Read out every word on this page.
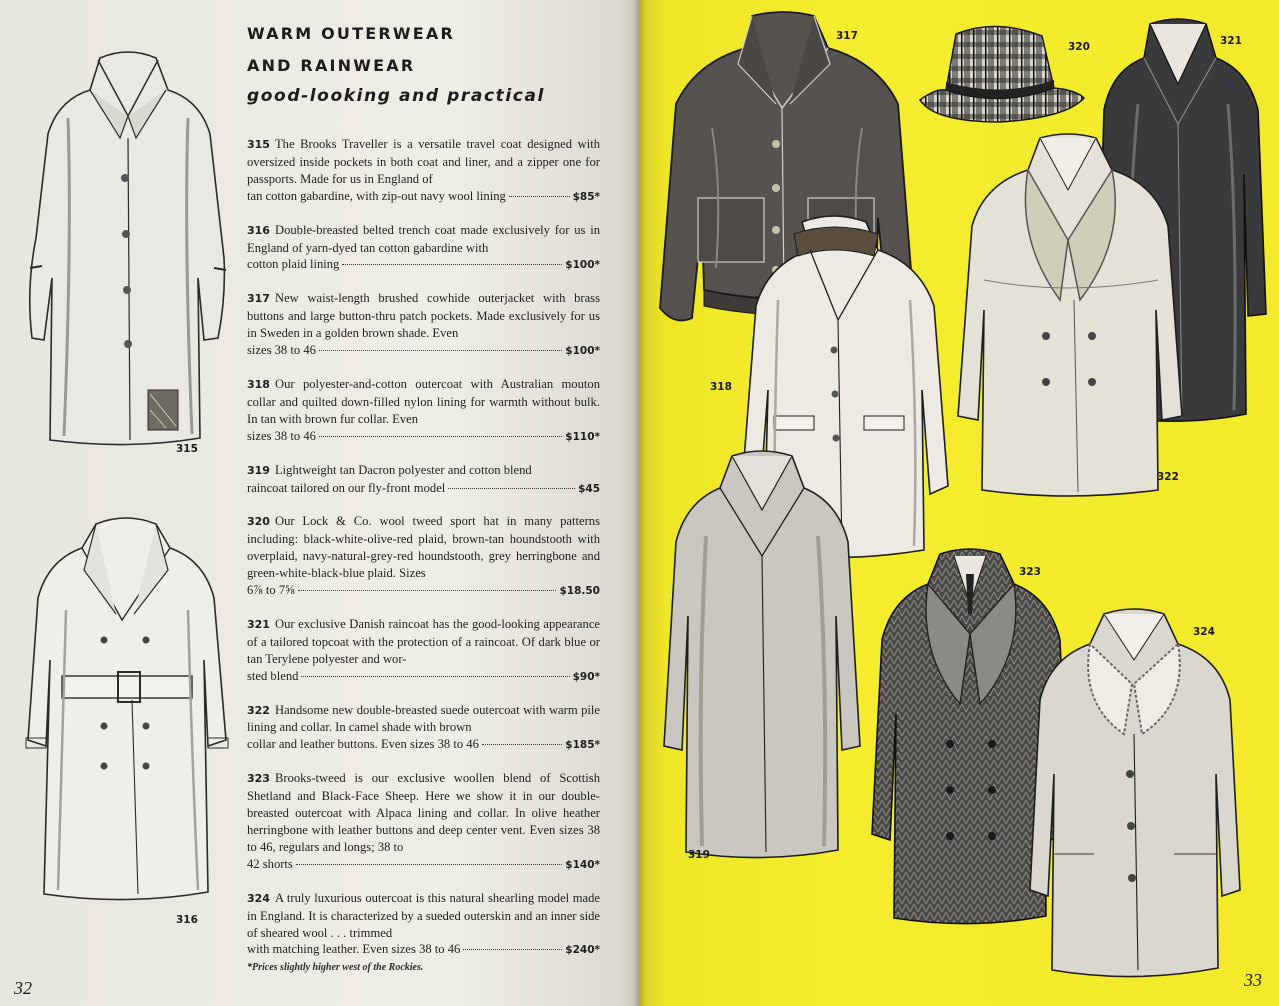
315
316
WARM OUTERWEAR
AND RAINWEAR
good-looking and practical
315 The Brooks Traveller is a versatile travel coat designed with oversized inside pockets in both coat and liner, and a zipper one for passports. Made for us in England of
tan cotton gabardine, with zip-out navy wool lining	$85*
316 Double-breasted belted trench coat made exclusively for us in England of yarn-dyed tan cotton gabardine with
cotton plaid lining	$100*
317 New waist-length brushed cowhide outerjacket with brass buttons and large button-thru patch pockets. Made exclusively for us in Sweden in a golden brown shade. Even
sizes 38 to 46	$100*
318 Our polyester-and-cotton outercoat with Australian mouton collar and quilted down-filled nylon lining for warmth without bulk. In tan with brown fur collar. Even
sizes 38 to 46	$110*
319 Lightweight tan Dacron polyester and cotton blend
raincoat tailored on our fly-front model	$45
320 Our Lock & Co. wool tweed sport hat in many patterns including: black-white-olive-red plaid, brown-tan houndstooth with overplaid, navy-natural-grey-red houndstooth, grey herringbone and green-white-black-blue plaid. Sizes
6⅞ to 7⅝	$18.50
321 Our exclusive Danish raincoat has the good-looking appearance of a tailored topcoat with the protection of a raincoat. Of dark blue or tan Terylene polyester and wor-
sted blend	$90*
322 Handsome new double-breasted suede outercoat with warm pile lining and collar. In camel shade with brown
collar and leather buttons. Even sizes 38 to 46	$185*
323 Brooks-tweed is our exclusive woollen blend of Scottish Shetland and Black-Face Sheep. Here we show it in our double-breasted outercoat with Alpaca lining and collar. In olive heather herringbone with leather buttons and deep center vent. Even sizes 38 to 46, regulars and longs; 38 to
42 shorts	$140*
324 A truly luxurious outercoat is this natural shearling model made in England. It is characterized by a sueded outerskin and an inner side of sheared wool . . . trimmed
with matching leather. Even sizes 38 to 46	$240*
*Prices slightly higher west of the Rockies.
32
317
320	321
322
318
319
323
324
33
